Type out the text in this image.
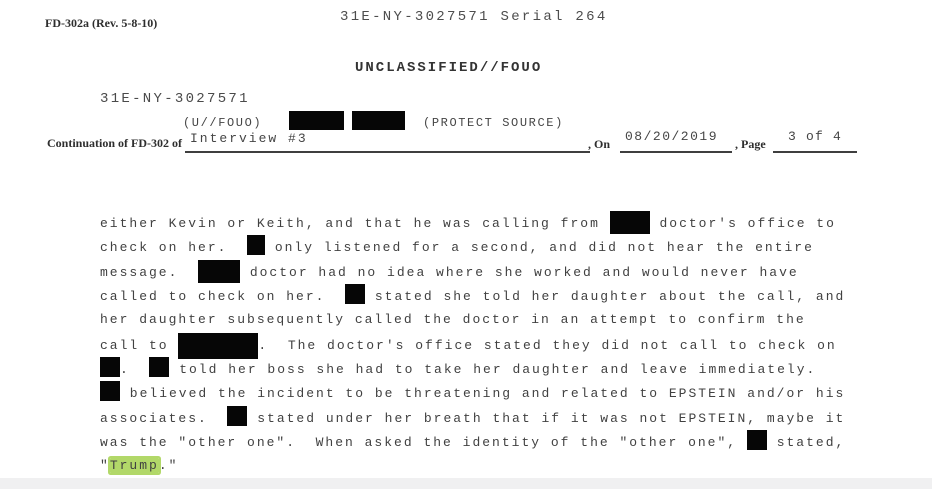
FD-302a (Rev. 5-8-10)	31E-NY-3027571 Serial 264
UNCLASSIFIED//FOUO
31E-NY-3027571
(U//FOUO)	(PROTECT SOURCE)
Continuation of FD-302 of Interview #3	, On 08/20/2019 , Page 3 of 4
either Kevin or Keith, and that he was calling from	doctor's office to
check on her.   only listened for a second, and did not hear the entire
message.	doctor had no idea where she worked and would never have
called to check on her.   stated she told her daughter about the call, and
her daughter subsequently called the doctor in an attempt to confirm the
call to	.  The doctor's office stated they did not call to check on
.   told her boss she had to take her daughter and leave immediately.
believed the incident to be threatening and related to EPSTEIN and/or his
associates.   stated under her breath that if it was not EPSTEIN, maybe it
was the "other one".  When asked the identity of the "other one",  stated,
"Trump."
